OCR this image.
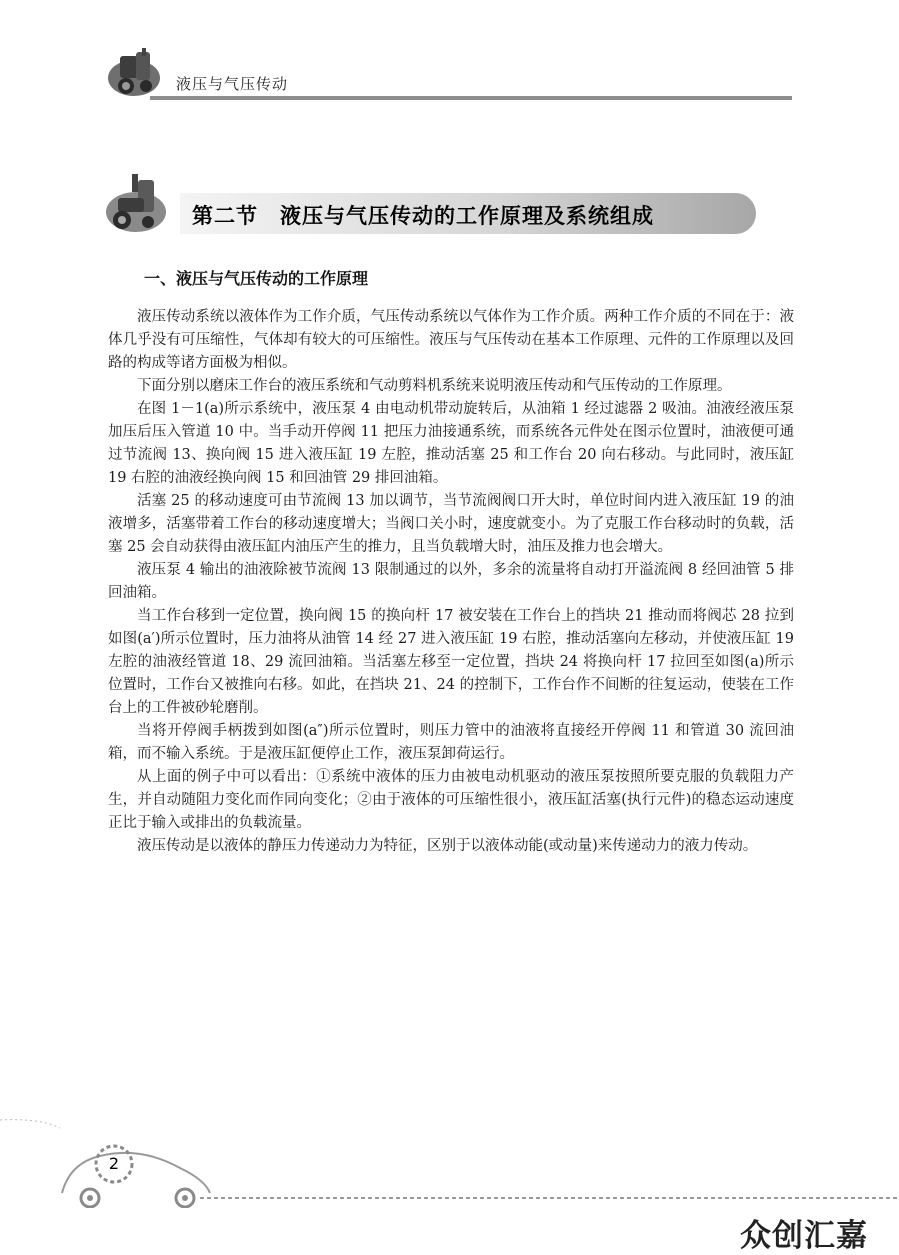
液压与气压传动
第二节　液压与气压传动的工作原理及系统组成
一、液压与气压传动的工作原理

液压传动系统以液体作为工作介质，气压传动系统以气体作为工作介质。两种工作介质的不同在于：液体几乎没有可压缩性，气体却有较大的可压缩性。液压与气压传动在基本工作原理、元件的工作原理以及回路的构成等诸方面极为相似。

下面分别以磨床工作台的液压系统和气动剪料机系统来说明液压传动和气压传动的工作原理。

在图 1－1(a)所示系统中，液压泵 4 由电动机带动旋转后，从油箱 1 经过滤器 2 吸油。油液经液压泵加压后压入管道 10 中。当手动开停阀 11 把压力油接通系统，而系统各元件处在图示位置时，油液便可通过节流阀 13、换向阀 15 进入液压缸 19 左腔，推动活塞 25 和工作台 20 向右移动。与此同时，液压缸 19 右腔的油液经换向阀 15 和回油管 29 排回油箱。

活塞 25 的移动速度可由节流阀 13 加以调节，当节流阀阀口开大时，单位时间内进入液压缸 19 的油液增多，活塞带着工作台的移动速度增大；当阀口关小时，速度就变小。为了克服工作台移动时的负载，活塞 25 会自动获得由液压缸内油压产生的推力，且当负载增大时，油压及推力也会增大。

液压泵 4 输出的油液除被节流阀 13 限制通过的以外，多余的流量将自动打开溢流阀 8 经回油管 5 排回油箱。

当工作台移到一定位置，换向阀 15 的换向杆 17 被安装在工作台上的挡块 21 推动而将阀芯 28 拉到如图(a′)所示位置时，压力油将从油管 14 经 27 进入液压缸 19 右腔，推动活塞向左移动，并使液压缸 19 左腔的油液经管道 18、29 流回油箱。当活塞左移至一定位置，挡块 24 将换向杆 17 拉回至如图(a)所示位置时，工作台又被推向右移。如此，在挡块 21、24 的控制下，工作台作不间断的往复运动，使装在工作台上的工件被砂轮磨削。

当将开停阀手柄拨到如图(a″)所示位置时，则压力管中的油液将直接经开停阀 11 和管道 30 流回油箱，而不输入系统。于是液压缸便停止工作，液压泵卸荷运行。

从上面的例子中可以看出：①系统中液体的压力由被电动机驱动的液压泵按照所要克服的负载阻力产生，并自动随阻力变化而作同向变化；②由于液体的可压缩性很小，液压缸活塞(执行元件)的稳态运动速度正比于输入或排出的负载流量。

液压传动是以液体的静压力传递动力为特征，区别于以液体动能(或动量)来传递动力的液力传动。

2
众创汇嘉
